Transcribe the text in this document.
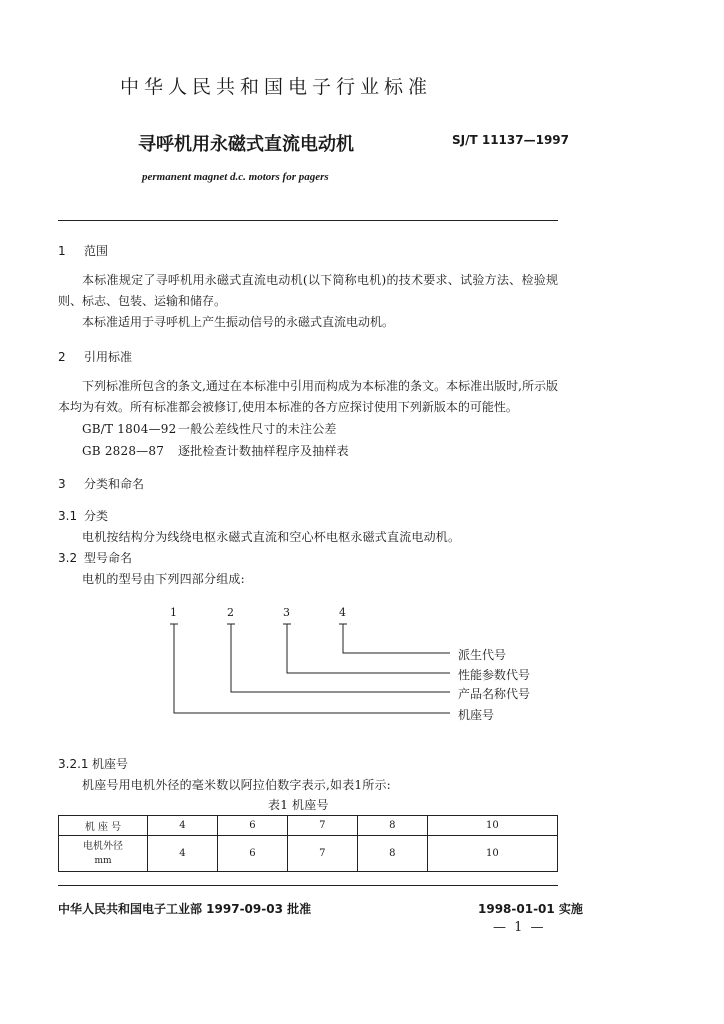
中华人民共和国电子行业标准
寻呼机用永磁式直流电动机	SJ/T 11137—1997
permanent magnet d.c. motors for pagers
1 范围

本标准规定了寻呼机用永磁式直流电动机(以下简称电机)的技术要求、试验方法、检验规则、标志、包装、运输和储存。

本标准适用于寻呼机上产生振动信号的永磁式直流电动机。

2 引用标准

下列标准所包含的条文,通过在本标准中引用而构成为本标准的条文。本标准出版时,所示版本均为有效。所有标准都会被修订,使用本标准的各方应探讨使用下列新版本的可能性。

GB/T 1804—92 一般公差线性尺寸的未注公差
GB 2828—87 逐批检查计数抽样程序及抽样表
3 分类和命名
3.1 分类
电机按结构分为线绕电枢永磁式直流和空心杯电枢永磁式直流电动机。
3.2 型号命名
电机的型号由下列四部分组成:
1	2	3	4
派生代号
性能参数代号
产品名称代号
机座号
3.2.1 机座号
机座号用电机外径的毫米数以阿拉伯数字表示,如表1所示:
表1 机座号
机 座 号	4	6	7	8	10

电机外径
mm	4	6	7	8	10
中华人民共和国电子工业部 1997-09-03 批准	1998-01-01 实施
— 1 —
